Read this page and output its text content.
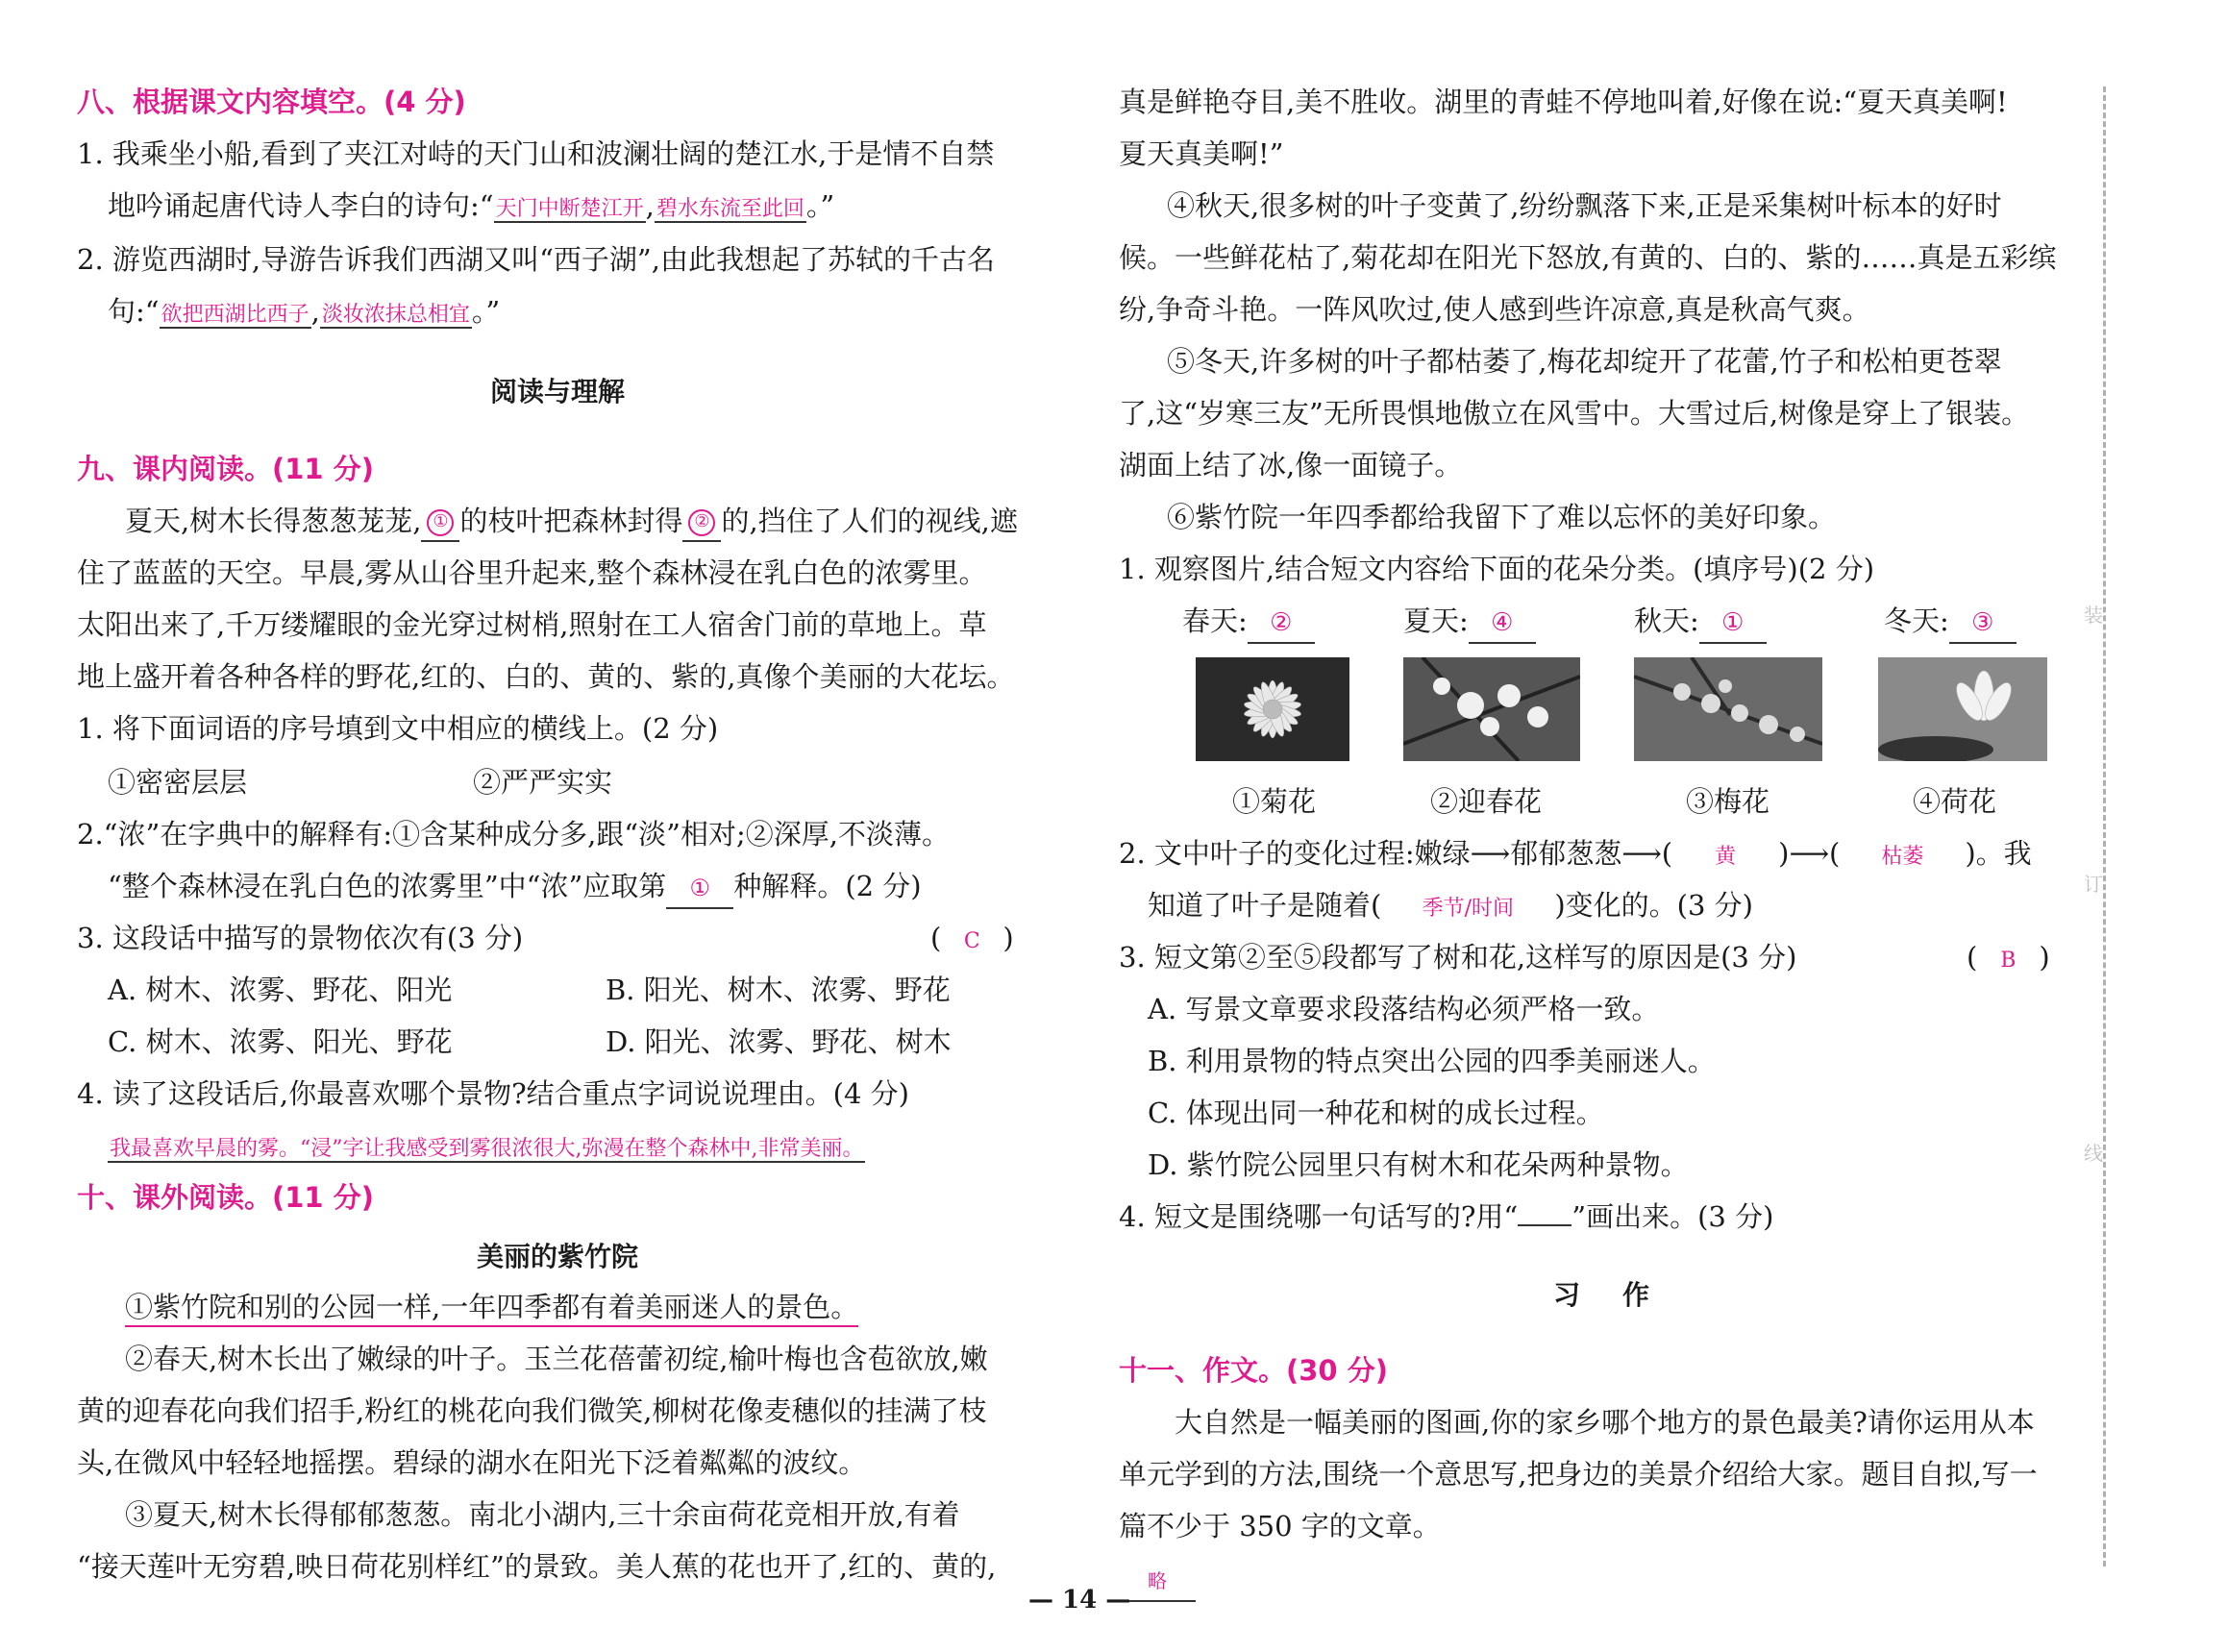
八、根据课文内容填空。(4 分)
1. 我乘坐小船,看到了夹江对峙的天门山和波澜壮阔的楚江水,于是情不自禁
地吟诵起唐代诗人李白的诗句:“天门中断楚江开,碧水东流至此回。”
2. 游览西湖时,导游告诉我们西湖又叫“西子湖”,由此我想起了苏轼的千古名
句:“欲把西湖比西子,淡妆浓抹总相宜。”
阅读与理解
九、课内阅读。(11 分)
夏天,树木长得葱葱茏茏, ① 的枝叶把森林封得 ② 的,挡住了人们的视线,遮
住了蓝蓝的天空。早晨,雾从山谷里升起来,整个森林浸在乳白色的浓雾里。
太阳出来了,千万缕耀眼的金光穿过树梢,照射在工人宿舍门前的草地上。草
地上盛开着各种各样的野花,红的、白的、黄的、紫的,真像个美丽的大花坛。
1. 将下面词语的序号填到文中相应的横线上。(2 分)
①密密层层	②严严实实
2.“浓”在字典中的解释有:①含某种成分多,跟“淡”相对;②深厚,不淡薄。
“整个森林浸在乳白色的浓雾里”中“浓”应取第 ① 种解释。(2 分)
3. 这段话中描写的景物依次有(3 分)	( C )
A. 树木、浓雾、野花、阳光	B. 阳光、树木、浓雾、野花
C. 树木、浓雾、阳光、野花	D. 阳光、浓雾、野花、树木
4. 读了这段话后,你最喜欢哪个景物?结合重点字词说说理由。(4 分)
我最喜欢早晨的雾。“浸”字让我感受到雾很浓很大,弥漫在整个森林中,非常美丽。
十、课外阅读。(11 分)
美丽的紫竹院
①紫竹院和别的公园一样,一年四季都有着美丽迷人的景色。
②春天,树木长出了嫩绿的叶子。玉兰花蓓蕾初绽,榆叶梅也含苞欲放,嫩
黄的迎春花向我们招手,粉红的桃花向我们微笑,柳树花像麦穗似的挂满了枝
头,在微风中轻轻地摇摆。碧绿的湖水在阳光下泛着粼粼的波纹。
③夏天,树木长得郁郁葱葱。南北小湖内,三十余亩荷花竞相开放,有着
“接天莲叶无穷碧,映日荷花别样红”的景致。美人蕉的花也开了,红的、黄的,
真是鲜艳夺目,美不胜收。湖里的青蛙不停地叫着,好像在说:“夏天真美啊!
夏天真美啊!”
④秋天,很多树的叶子变黄了,纷纷飘落下来,正是采集树叶标本的好时
候。一些鲜花枯了,菊花却在阳光下怒放,有黄的、白的、紫的……真是五彩缤
纷,争奇斗艳。一阵风吹过,使人感到些许凉意,真是秋高气爽。
⑤冬天,许多树的叶子都枯萎了,梅花却绽开了花蕾,竹子和松柏更苍翠
了,这“岁寒三友”无所畏惧地傲立在风雪中。大雪过后,树像是穿上了银装。
湖面上结了冰,像一面镜子。
⑥紫竹院一年四季都给我留下了难以忘怀的美好印象。
1. 观察图片,结合短文内容给下面的花朵分类。(填序号)(2 分)
春天: ②	夏天: ④	秋天: ①	冬天: ③
①菊花	②迎春花	③梅花	④荷花
2. 文中叶子的变化过程:嫩绿⟶郁郁葱葱⟶( 黄 )⟶( 枯萎 )。我
知道了叶子是随着( 季节/时间 )变化的。(3 分)
3. 短文第②至⑤段都写了树和花,这样写的原因是(3 分)	( B )
A. 写景文章要求段落结构必须严格一致。
B. 利用景物的特点突出公园的四季美丽迷人。
C. 体现出同一种花和树的成长过程。
D. 紫竹院公园里只有树木和花朵两种景物。
4. 短文是围绕哪一句话写的?用“ ”画出来。(3 分)
习　作
十一、作文。(30 分)
大自然是一幅美丽的图画,你的家乡哪个地方的景色最美?请你运用从本
单元学到的方法,围绕一个意思写,把身边的美景介绍给大家。题目自拟,写一
篇不少于 350 字的文章。
略
装
订
线
— 14 —
